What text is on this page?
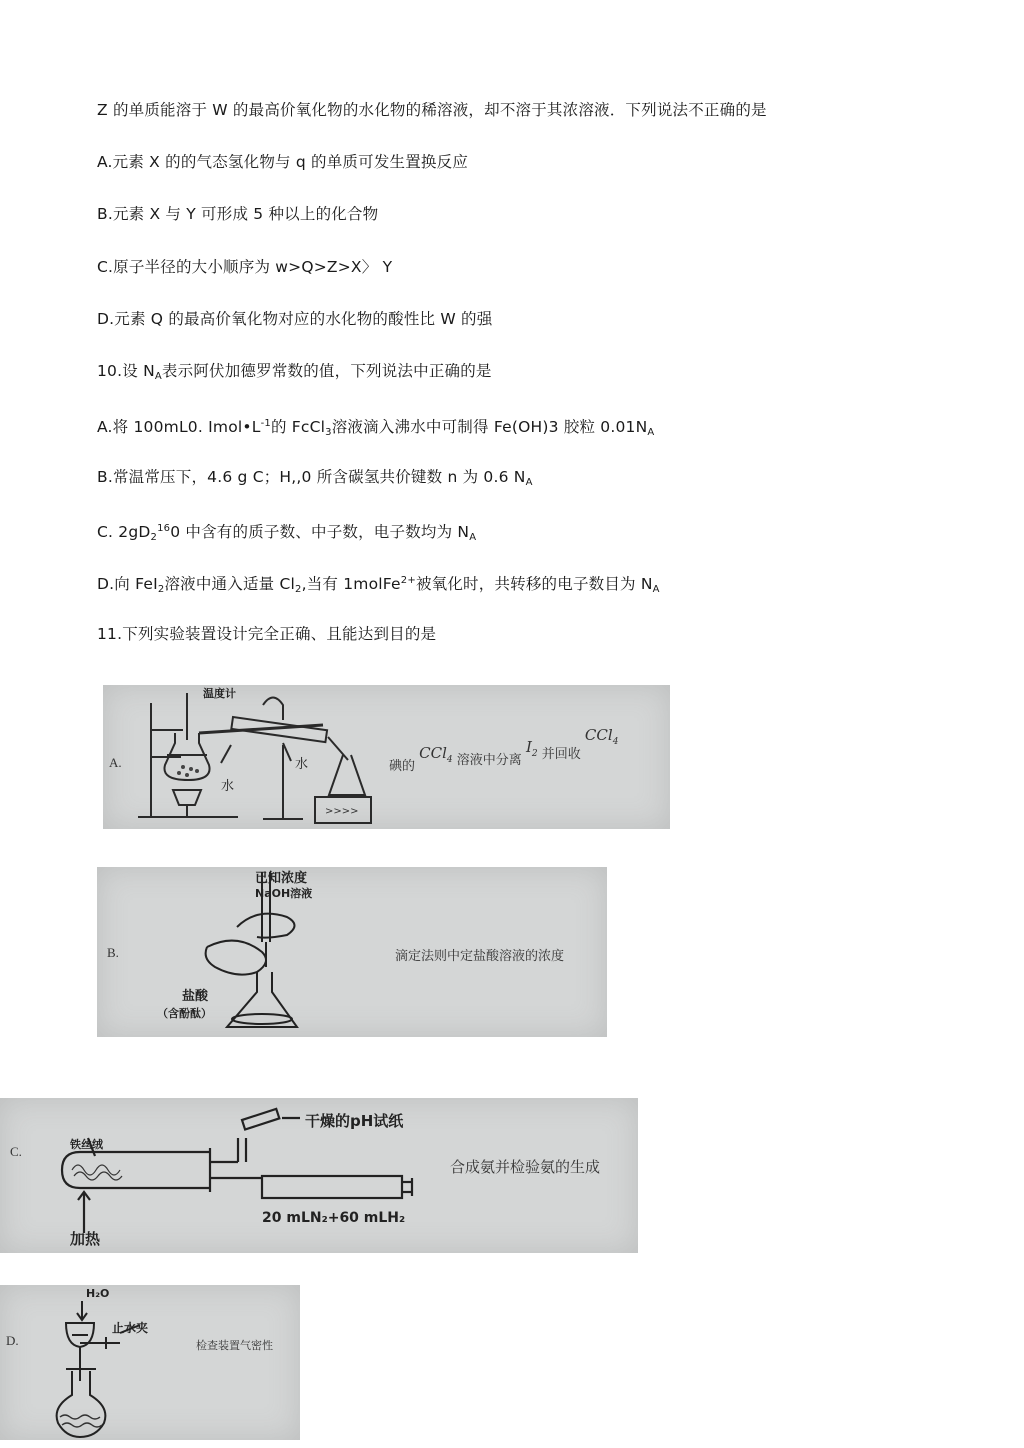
Z 的单质能溶于 W 的最高价氧化物的水化物的稀溶液，却不溶于其浓溶液．下列说法不正确的是
A.元素 X 的的气态氢化物与 q 的单质可发生置换反应
B.元素 X 与 Y 可形成 5 种以上的化合物
C.原子半径的大小顺序为 w>Q>Z>X〉 Y
D.元素 Q 的最高价氧化物对应的水化物的酸性比 W 的强
10.设 $N_A$表示阿伏加德罗常数的值，下列说法中正确的是
A.将 100mL0. $Imol•L^{-1}$的 FcCl$_3$溶液滴入沸水中可制得 Fe(OH)3 胶粒 $0.01N_A$
B.常温常压下，4.6 g C；H,,0 所含碳氢共价键数 n 为 0.6 $N_A$
C. $2gD_2^{16}0$ 中含有的质子数、中子数，电子数均为 $N_A$
D.向 FeI$_2$溶液中通入适量 $Cl_2$,当有 1molFe$^{2+}$被氧化时，共转移的电子数目为 $N_A$
11.下列实验装置设计完全正确、且能达到目的是
>>>>
A.
温度计
水
水	碘的 CCl$_4$ 溶液中分离 $I_2$ 并回收 CCl$_4$
B.
已知浓度
NaOH溶液
盐酸
（含酚酞）
滴定法则中定盐酸溶液的浓度
C.
干燥的pH试纸
铁丝绒
加热
20 mLN₂+60 mLH₂
合成氨并检验氨的生成
D.
H₂O
止水夹
检查装置气密性
